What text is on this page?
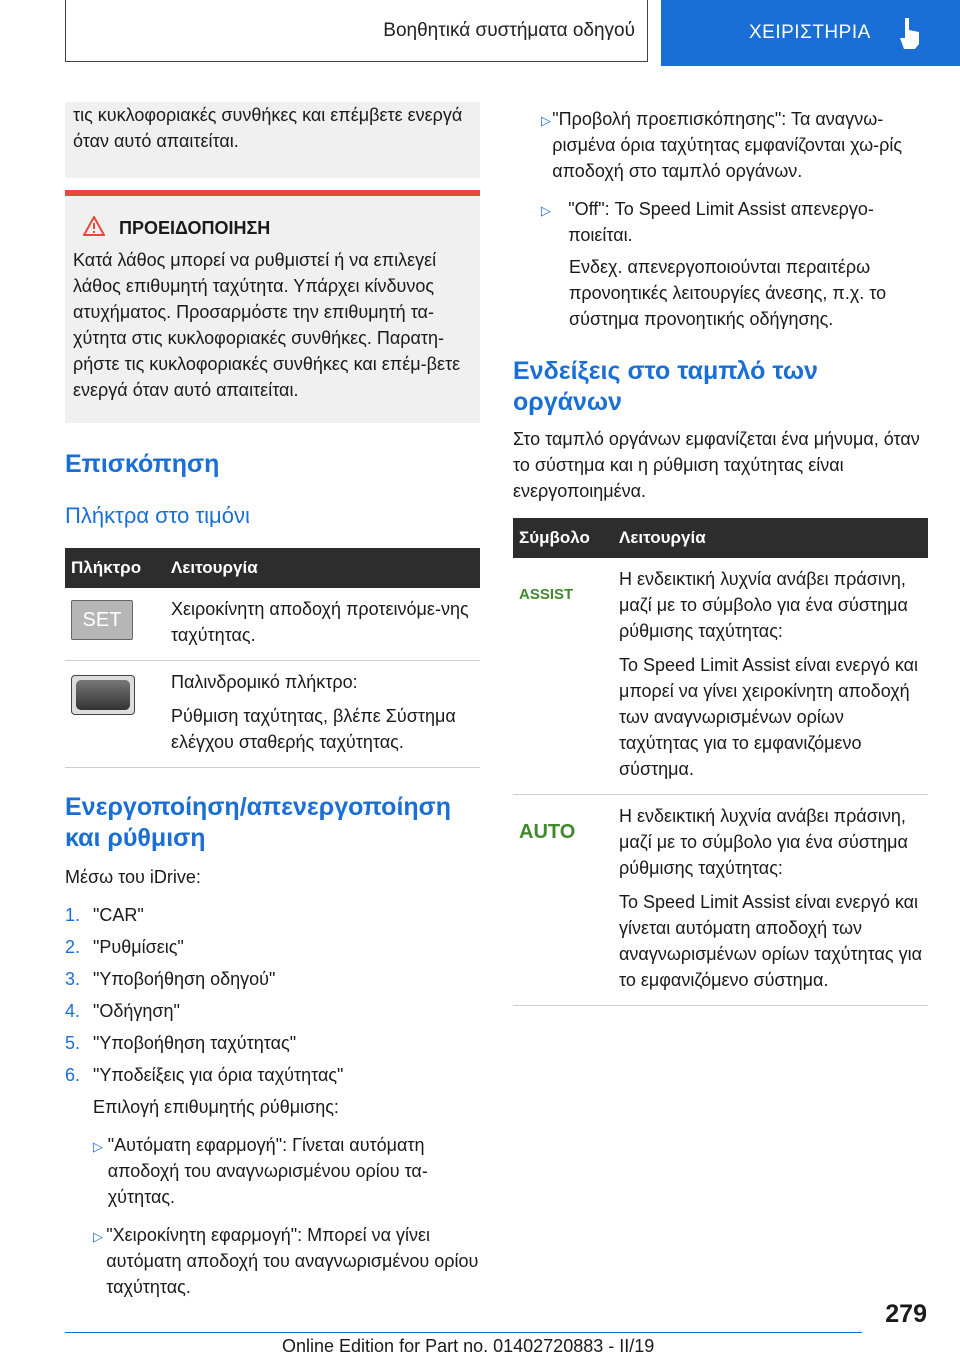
Βοηθητικά συστήματα οδηγού	ΧΕΙΡΙΣΤΗΡΙΑ

τις κυκλοφοριακές συνθήκες και επέμβετε ενεργά όταν αυτό απαιτείται.

ΠΡΟΕΙΔΟΠΟΙΗΣΗ

Κατά λάθος μπορεί να ρυθμιστεί ή να επιλεγεί λάθος επιθυμητή ταχύτητα. Υπάρχει κίνδυνος ατυχήματος. Προσαρμόστε την επιθυμητή τα-χύτητα στις κυκλοφοριακές συνθήκες. Παρατη-ρήστε τις κυκλοφοριακές συνθήκες και επέμ-βετε ενεργά όταν αυτό απαιτείται.

Επισκόπηση
Πλήκτρα στο τιμόνι
Πλήκτρο	Λειτουργία

SET	Χειροκίνητη αποδοχή προτεινόμε-νης ταχύτητας.

	Παλινδρομικό πλήκτρο:

Ρύθμιση ταχύτητας, βλέπε Σύστημα ελέγχου σταθερής ταχύτητας.

Ενεργοποίηση/απενεργοποίηση και ρύθμιση

Μέσω του iDrive:

1. "CAR"
2. "Ρυθμίσεις"
3. "Υποβοήθηση οδηγού"
4. "Οδήγηση"
5. "Υποβοήθηση ταχύτητας"
6. "Υποδείξεις για όρια ταχύτητας"

Επιλογή επιθυμητής ρύθμισης:

▷ "Αυτόματη εφαρμογή": Γίνεται αυτόματη αποδοχή του αναγνωρισμένου ορίου τα-χύτητας.
▷ "Χειροκίνητη εφαρμογή": Μπορεί να γίνει αυτόματη αποδοχή του αναγνωρισμένου ορίου ταχύτητας.
▷ "Προβολή προεπισκόπησης": Τα αναγνω-ρισμένα όρια ταχύτητας εμφανίζονται χω-ρίς αποδοχή στο ταμπλό οργάνων.
▷ "Off": Το Speed Limit Assist απενεργο-ποιείται.

Ενδεχ. απενεργοποιούνται περαιτέρω προνοητικές λειτουργίες άνεσης, π.χ. το σύστημα προνοητικής οδήγησης.

Ενδείξεις στο ταμπλό των οργάνων

Στο ταμπλό οργάνων εμφανίζεται ένα μήνυμα, όταν το σύστημα και η ρύθμιση ταχύτητας είναι ενεργοποιημένα.

Σύμβολο	Λειτουργία

ASSIST	Η ενδεικτική λυχνία ανάβει πράσινη, μαζί με το σύμβολο για ένα σύστημα ρύθμισης ταχύτητας:

Το Speed Limit Assist είναι ενεργό και μπορεί να γίνει χειροκίνητη αποδοχή των αναγνωρισμένων ορίων ταχύτητας για το εμφανιζόμενο σύστημα.

AUTO	Η ενδεικτική λυχνία ανάβει πράσινη, μαζί με το σύμβολο για ένα σύστημα ρύθμισης ταχύτητας:

Το Speed Limit Assist είναι ενεργό και γίνεται αυτόματη αποδοχή των αναγνωρισμένων ορίων ταχύτητας για το εμφανιζόμενο σύστημα.

279
Online Edition for Part no. 01402720883 - II/19
